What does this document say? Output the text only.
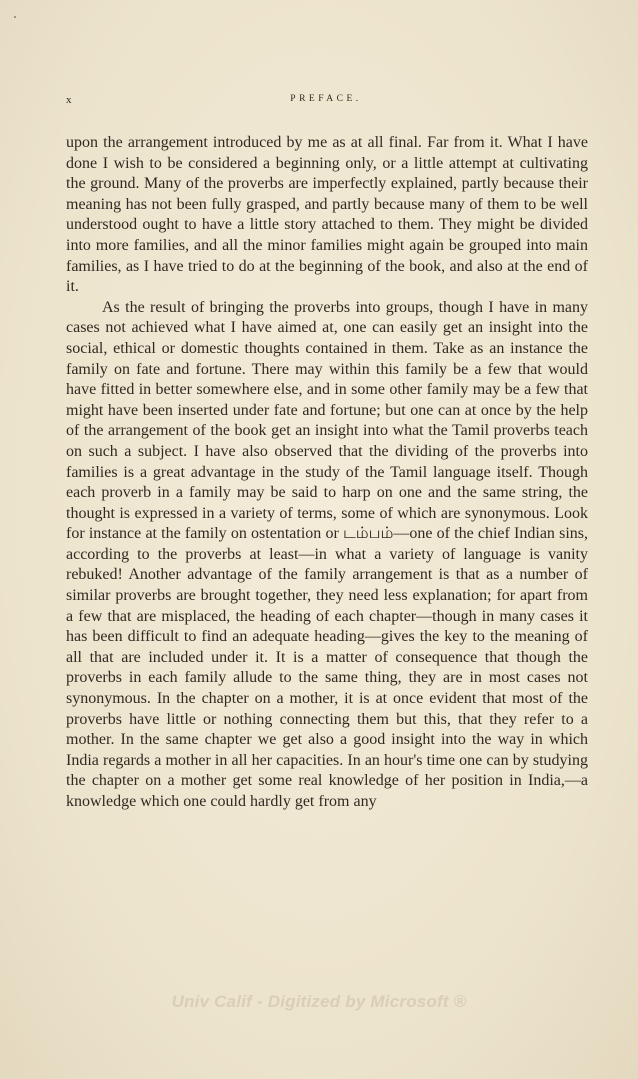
x	PREFACE.

upon the arrangement introduced by me as at all final. Far from it. What I have done I wish to be considered a beginning only, or a little attempt at cultivating the ground. Many of the proverbs are imperfectly explained, partly because their meaning has not been fully grasped, and partly because many of them to be well understood ought to have a little story attached to them. They might be divided into more families, and all the minor families might again be grouped into main families, as I have tried to do at the beginning of the book, and also at the end of it.

As the result of bringing the proverbs into groups, though I have in many cases not achieved what I have aimed at, one can easily get an insight into the social, ethical or domestic thoughts contained in them. Take as an instance the family on fate and fortune. There may within this family be a few that would have fitted in better somewhere else, and in some other family may be a few that might have been inserted under fate and fortune; but one can at once by the help of the arrangement of the book get an insight into what the Tamil proverbs teach on such a subject. I have also observed that the dividing of the proverbs into families is a great advantage in the study of the Tamil language itself. Though each proverb in a family may be said to harp on one and the same string, the thought is expressed in a variety of terms, some of which are synonymous. Look for instance at the family on ostentation or டம்பம்—one of the chief Indian sins, according to the proverbs at least—in what a variety of language is vanity rebuked! Another advantage of the family arrangement is that as a number of similar proverbs are brought together, they need less explanation; for apart from a few that are misplaced, the heading of each chapter—though in many cases it has been difficult to find an adequate heading—gives the key to the meaning of all that are included under it. It is a matter of consequence that though the proverbs in each family allude to the same thing, they are in most cases not synonymous. In the chapter on a mother, it is at once evident that most of the proverbs have little or nothing connecting them but this, that they refer to a mother. In the same chapter we get also a good insight into the way in which India regards a mother in all her capacities. In an hour's time one can by studying the chapter on a mother get some real knowledge of her position in India,—a knowledge which one could hardly get from any

Univ Calif - Digitized by Microsoft ®
